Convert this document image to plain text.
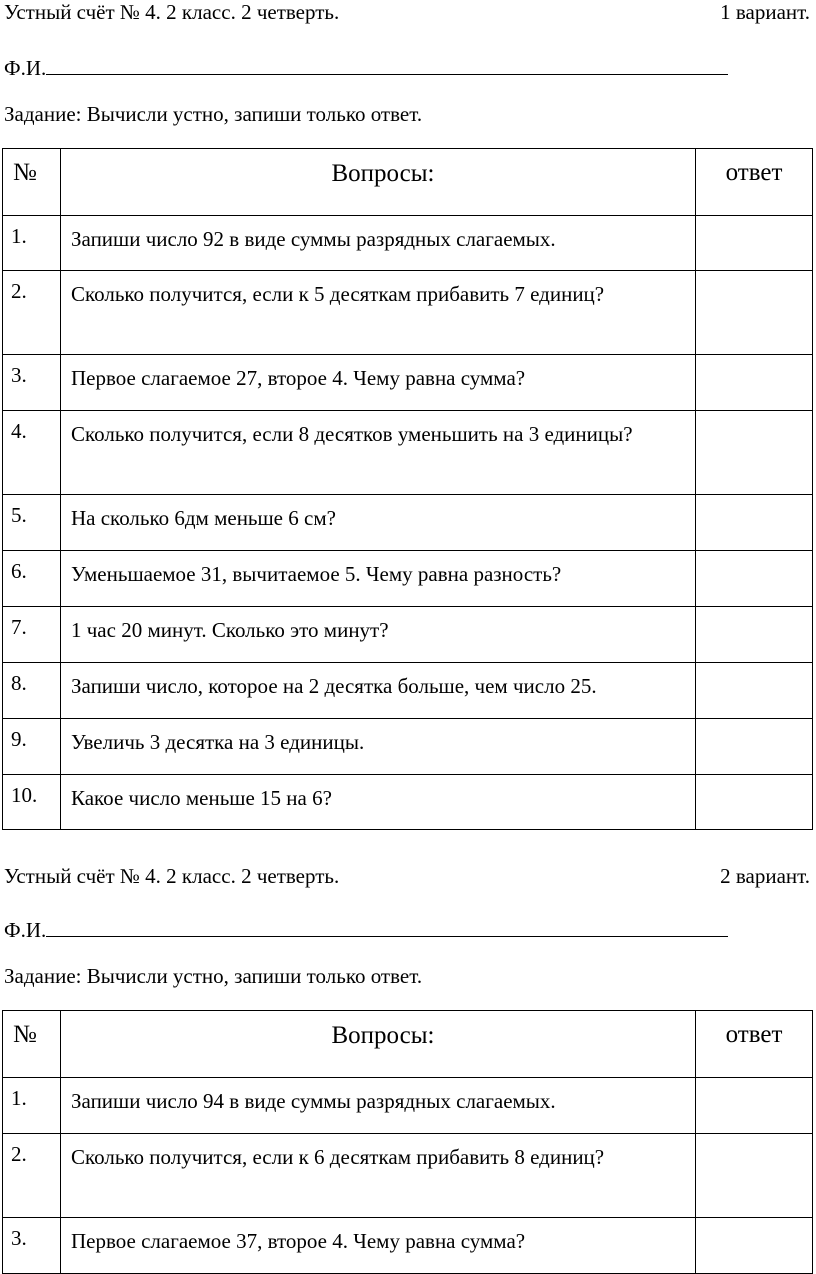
Устный счёт № 4. 2 класс. 2 четверть.	1 вариант.
Ф.И.
Задание: Вычисли устно, запиши только ответ.
№	Вопросы:	ответ
1.	Запиши число 92 в виде суммы разрядных слагаемых.	
2.	Сколько получится, если к 5 десяткам прибавить 7 единиц?	
3.	Первое слагаемое 27, второе 4. Чему равна сумма?	
4.	Сколько получится, если 8 десятков уменьшить на 3 единицы?	
5.	На сколько 6дм меньше 6 см?	
6.	Уменьшаемое 31, вычитаемое 5. Чему равна разность?	
7.	1 час 20 минут. Сколько это минут?	
8.	Запиши число, которое на 2 десятка больше, чем число 25.	
9.	Увеличь 3 десятка на 3 единицы.	
10.	Какое число меньше 15 на 6?	
Устный счёт № 4. 2 класс. 2 четверть.	2 вариант.
Ф.И.
Задание: Вычисли устно, запиши только ответ.
№	Вопросы:	ответ
1.	Запиши число 94 в виде суммы разрядных слагаемых.	
2.	Сколько получится, если к 6 десяткам прибавить 8 единиц?	
3.	Первое слагаемое 37, второе 4. Чему равна сумма?	
